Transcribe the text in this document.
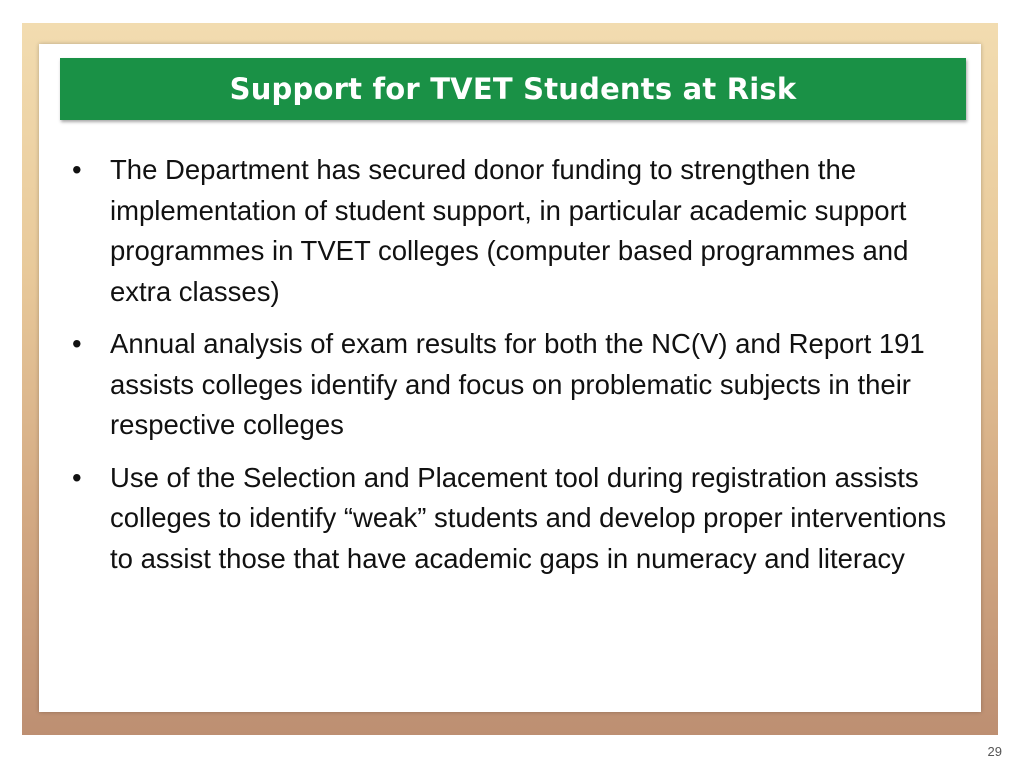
Support for TVET Students at Risk
• The Department has secured donor funding to strengthen the implementation of student support, in particular academic support programmes in TVET colleges (computer based programmes and extra classes)
• Annual analysis of exam results for both the NC(V) and Report 191 assists colleges identify and focus on problematic subjects in their respective colleges
• Use of the Selection and Placement tool during registration assists colleges to identify “weak” students and develop proper interventions to assist those that have academic gaps in numeracy and literacy
29
